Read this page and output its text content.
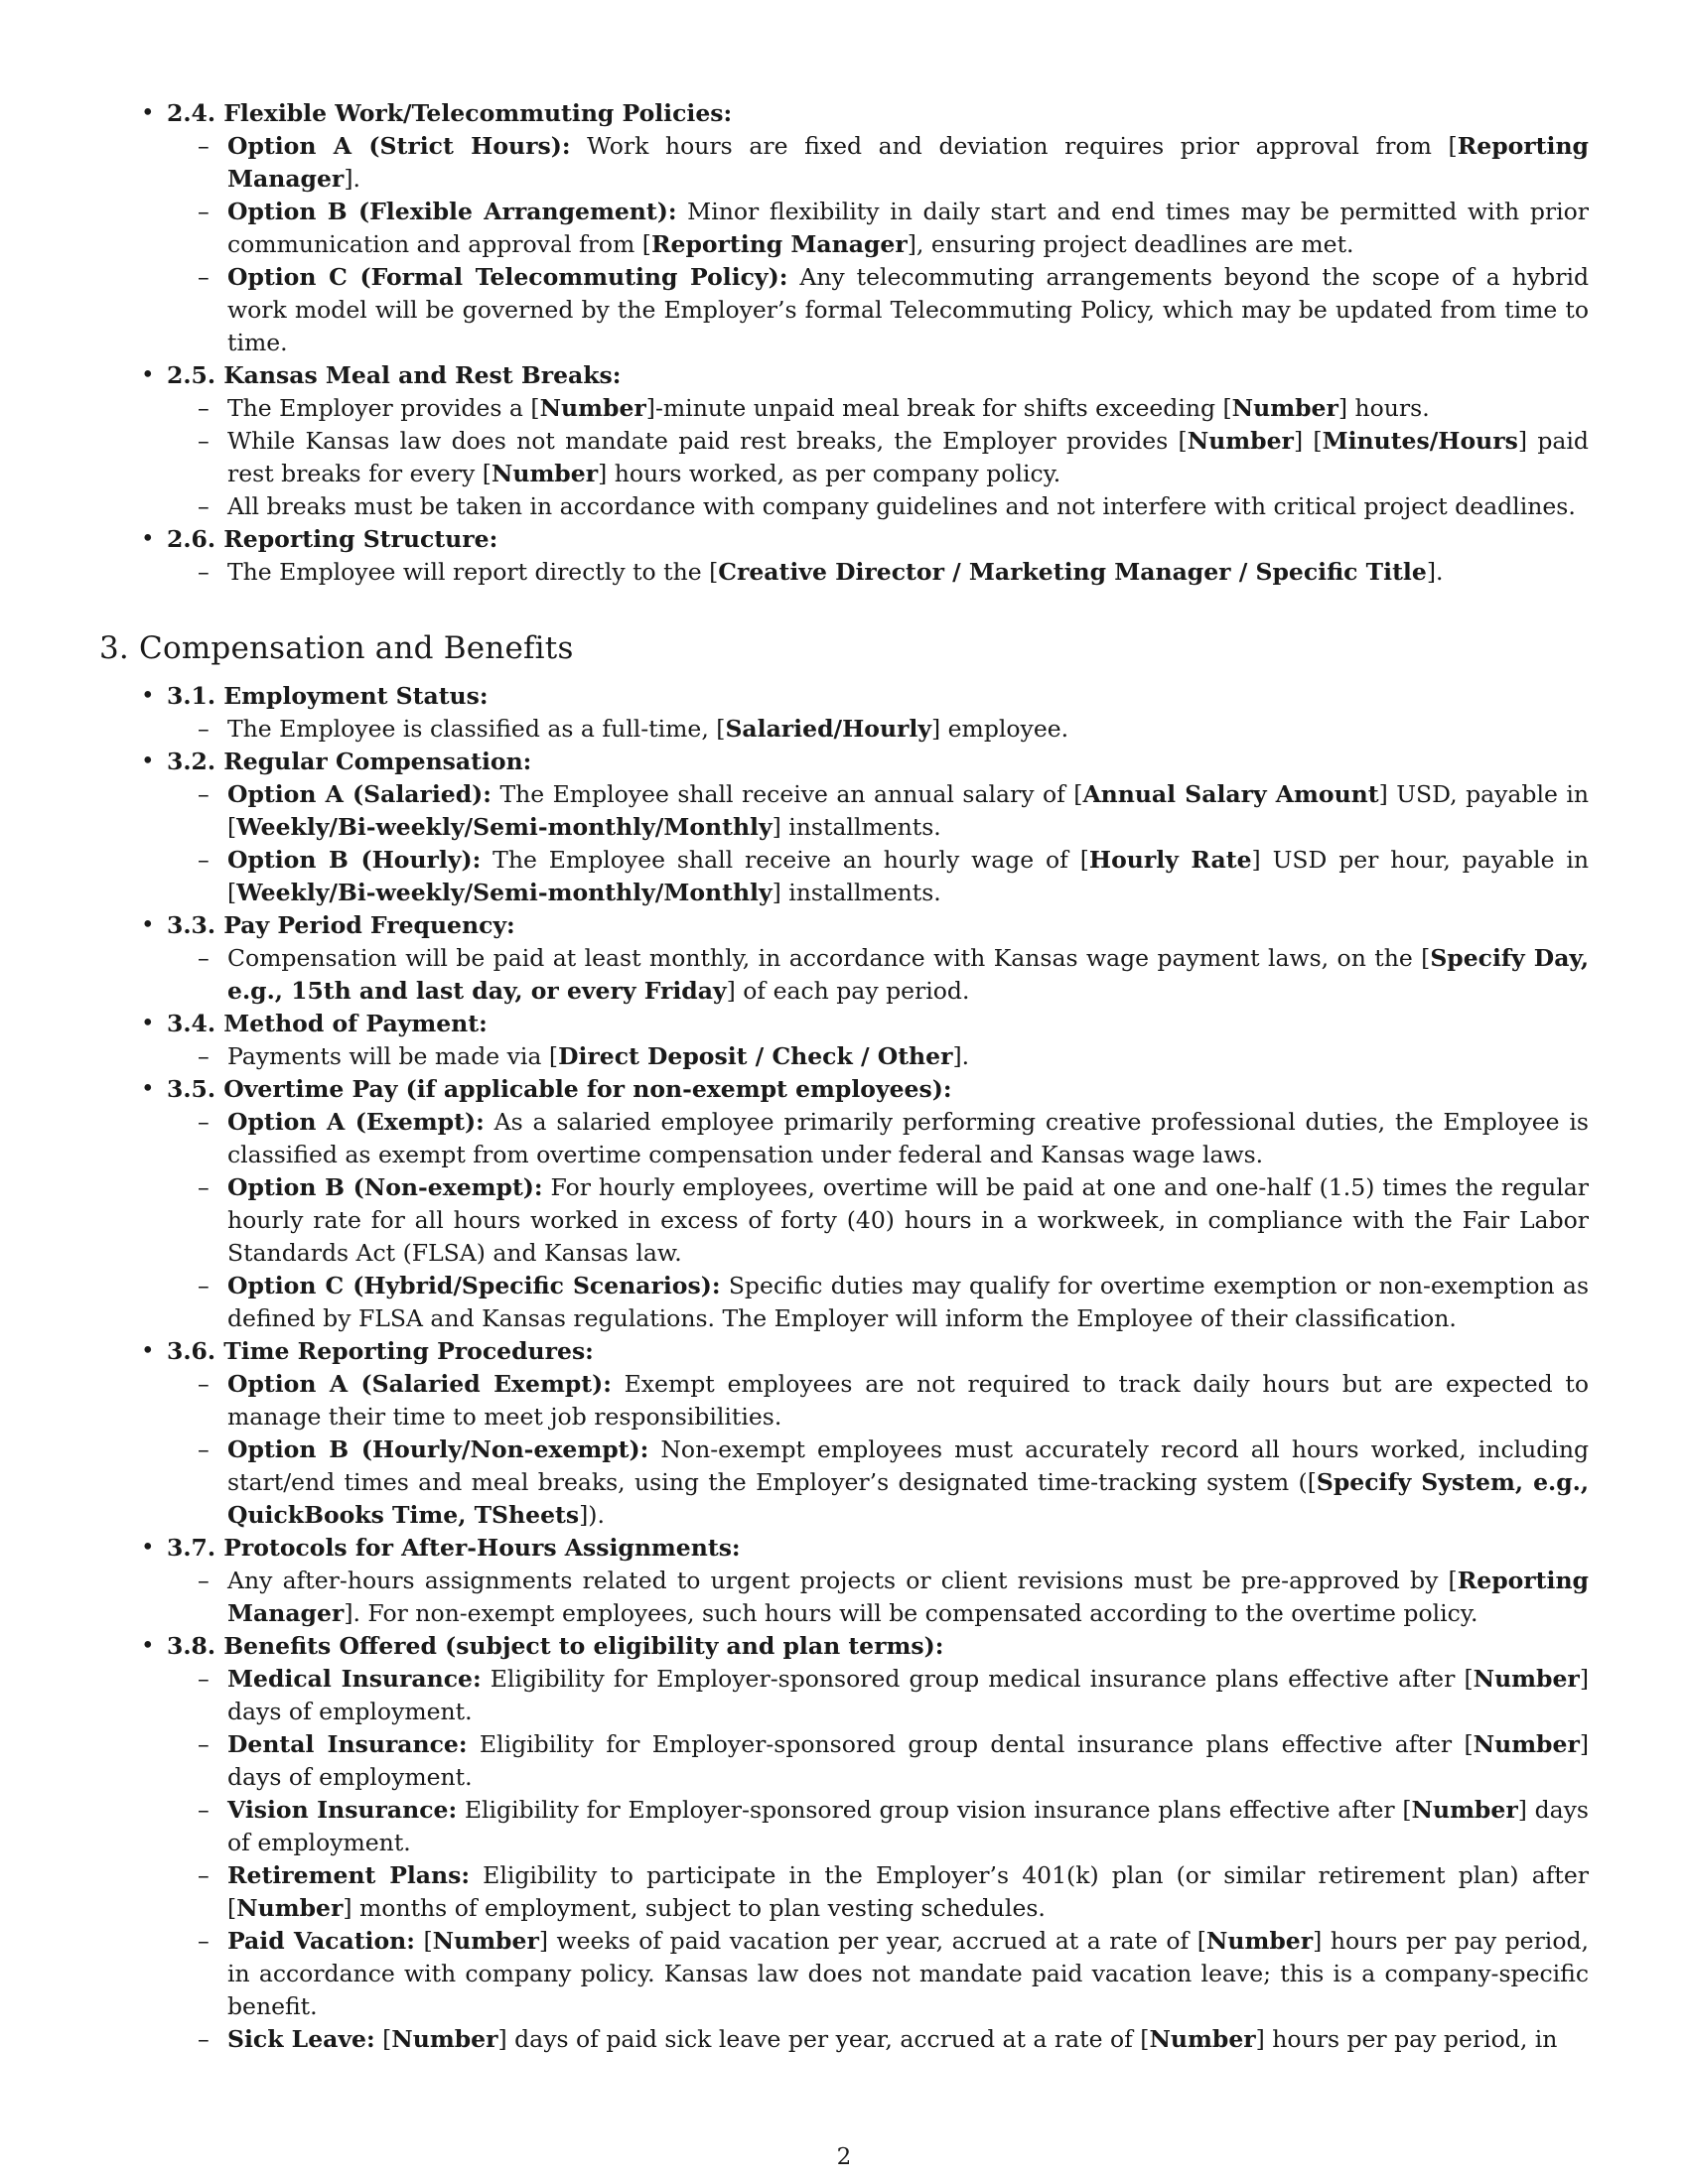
• 2.4. Flexible Work/Telecommuting Policies:
– Option A (Strict Hours): Work hours are fixed and deviation requires prior approval from [Reporting Manager].
– Option B (Flexible Arrangement): Minor flexibility in daily start and end times may be permitted with prior communication and approval from [Reporting Manager], ensuring project deadlines are met.
– Option C (Formal Telecommuting Policy): Any telecommuting arrangements beyond the scope of a hybrid work model will be governed by the Employer’s formal Telecommuting Policy, which may be updated from time to time.
• 2.5. Kansas Meal and Rest Breaks:
– The Employer provides a [Number]-minute unpaid meal break for shifts exceeding [Number] hours.
– While Kansas law does not mandate paid rest breaks, the Employer provides [Number] [Minutes/Hours] paid rest breaks for every [Number] hours worked, as per company policy.
– All breaks must be taken in accordance with company guidelines and not interfere with critical project deadlines.
• 2.6. Reporting Structure:
– The Employee will report directly to the [Creative Director / Marketing Manager / Specific Title].
3. Compensation and Benefits
• 3.1. Employment Status:
– The Employee is classified as a full-time, [Salaried/Hourly] employee.
• 3.2. Regular Compensation:
– Option A (Salaried): The Employee shall receive an annual salary of [Annual Salary Amount] USD, payable in [Weekly/Bi-weekly/Semi-monthly/Monthly] installments.
– Option B (Hourly): The Employee shall receive an hourly wage of [Hourly Rate] USD per hour, payable in [Weekly/Bi-weekly/Semi-monthly/Monthly] installments.
• 3.3. Pay Period Frequency:
– Compensation will be paid at least monthly, in accordance with Kansas wage payment laws, on the [Specify Day, e.g., 15th and last day, or every Friday] of each pay period.
• 3.4. Method of Payment:
– Payments will be made via [Direct Deposit / Check / Other].
• 3.5. Overtime Pay (if applicable for non-exempt employees):
– Option A (Exempt): As a salaried employee primarily performing creative professional duties, the Employee is classified as exempt from overtime compensation under federal and Kansas wage laws.
– Option B (Non-exempt): For hourly employees, overtime will be paid at one and one-half (1.5) times the regular hourly rate for all hours worked in excess of forty (40) hours in a workweek, in compliance with the Fair Labor Standards Act (FLSA) and Kansas law.
– Option C (Hybrid/Specific Scenarios): Specific duties may qualify for overtime exemption or non-exemption as defined by FLSA and Kansas regulations. The Employer will inform the Employee of their classification.
• 3.6. Time Reporting Procedures:
– Option A (Salaried Exempt): Exempt employees are not required to track daily hours but are expected to manage their time to meet job responsibilities.
– Option B (Hourly/Non-exempt): Non-exempt employees must accurately record all hours worked, including start/end times and meal breaks, using the Employer’s designated time-tracking system ([Specify System, e.g., QuickBooks Time, TSheets]).
• 3.7. Protocols for After-Hours Assignments:
– Any after-hours assignments related to urgent projects or client revisions must be pre-approved by [Reporting Manager]. For non-exempt employees, such hours will be compensated according to the overtime policy.
• 3.8. Benefits Offered (subject to eligibility and plan terms):
– Medical Insurance: Eligibility for Employer-sponsored group medical insurance plans effective after [Number] days of employment.
– Dental Insurance: Eligibility for Employer-sponsored group dental insurance plans effective after [Number] days of employment.
– Vision Insurance: Eligibility for Employer-sponsored group vision insurance plans effective after [Number] days of employment.
– Retirement Plans: Eligibility to participate in the Employer’s 401(k) plan (or similar retirement plan) after [Number] months of employment, subject to plan vesting schedules.
– Paid Vacation: [Number] weeks of paid vacation per year, accrued at a rate of [Number] hours per pay period, in accordance with company policy. Kansas law does not mandate paid vacation leave; this is a company-specific benefit.
– Sick Leave: [Number] days of paid sick leave per year, accrued at a rate of [Number] hours per pay period, in
2
